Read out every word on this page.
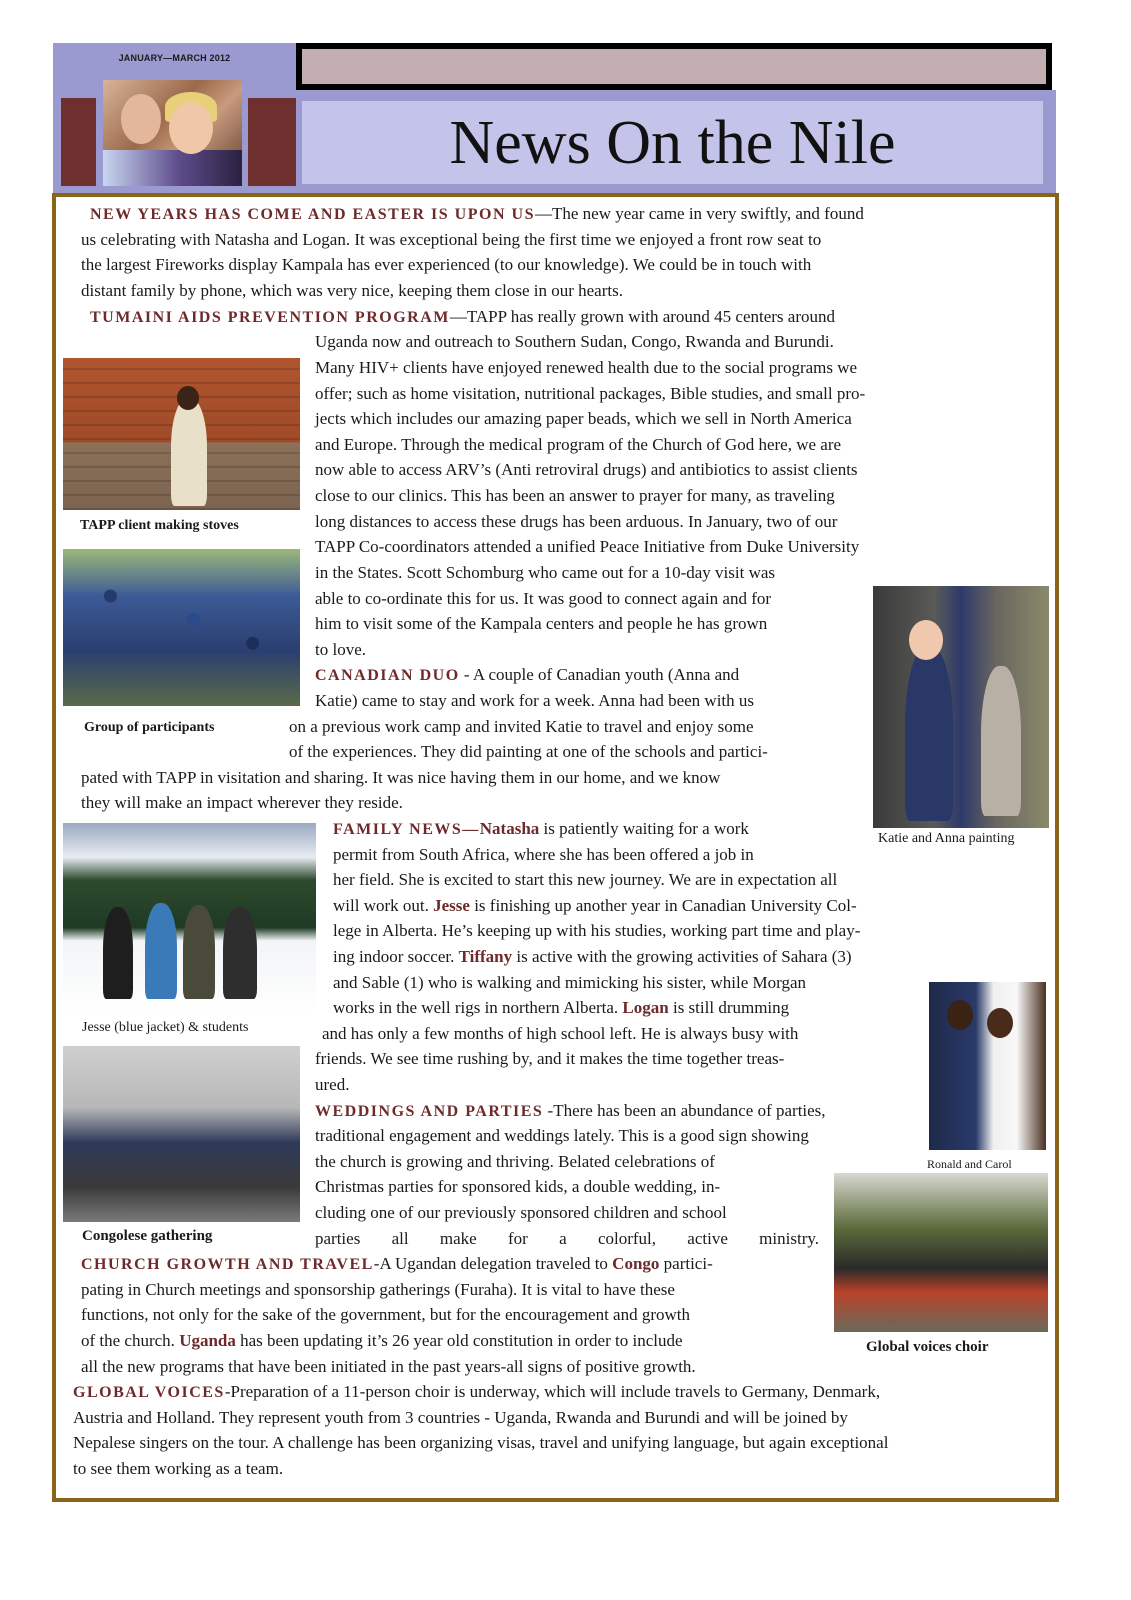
JANUARY—MARCH 2012
News On the Nile
NEW YEARS HAS COME AND EASTER IS UPON US—The new year came in very swiftly, and found
us celebrating with Natasha and Logan. It was exceptional being the first time we enjoyed a front row seat to
the largest Fireworks display Kampala has ever experienced (to our knowledge). We could be in touch with
distant family by phone, which was very nice, keeping them close in our hearts.
TUMAINI AIDS PREVENTION PROGRAM—TAPP has really grown with around 45 centers around
Uganda now and outreach to Southern Sudan, Congo, Rwanda and Burundi.
Many HIV+ clients have enjoyed renewed health due to the social programs we
offer; such as home visitation, nutritional packages, Bible studies, and small pro-
jects which includes our amazing paper beads, which we sell in North America
and Europe. Through the medical program of the Church of God here, we are
now able to access ARV’s (Anti retroviral drugs) and antibiotics to assist clients
close to our clinics. This has been an answer to prayer for many, as traveling
long distances to access these drugs has been arduous. In January, two of our
TAPP Co-coordinators attended a unified Peace Initiative from Duke University
in the States. Scott Schomburg who came out for a 10-day visit was
able to co-ordinate this for us. It was good to connect again and for
him to visit some of the Kampala centers and people he has grown
to love.
CANADIAN DUO - A couple of Canadian youth (Anna and
Katie) came to stay and work for a week. Anna had been with us
on a previous work camp and invited Katie to travel and enjoy some
of the experiences. They did painting at one of the schools and partici-
pated with TAPP in visitation and sharing. It was nice having them in our home, and we know
they will make an impact wherever they reside.
FAMILY NEWS—Natasha is patiently waiting for a work
permit from South Africa, where she has been offered a job in
her field. She is excited to start this new journey. We are in expectation all
will work out. Jesse is finishing up another year in Canadian University Col-
lege in Alberta. He’s keeping up with his studies, working part time and play-
ing indoor soccer. Tiffany is active with the growing activities of Sahara (3)
and Sable (1) who is walking and mimicking his sister, while Morgan
works in the well rigs in northern Alberta. Logan is still drumming
and has only a few months of high school left. He is always busy with
friends. We see time rushing by, and it makes the time together treas-
ured.
WEDDINGS AND PARTIES -There has been an abundance of parties,
traditional engagement and weddings lately. This is a good sign showing
the church is growing and thriving. Belated celebrations of
Christmas parties for sponsored kids, a double wedding, in-
cluding one of our previously sponsored children and school
parties all make for a colorful, active ministry.
CHURCH GROWTH AND TRAVEL-A Ugandan delegation traveled to Congo partici-
pating in Church meetings and sponsorship gatherings (Furaha). It is vital to have these
functions, not only for the sake of the government, but for the encouragement and growth
of the church. Uganda has been updating it’s 26 year old constitution in order to include
all the new programs that have been initiated in the past years-all signs of positive growth.
GLOBAL VOICES-Preparation of a 11-person choir is underway, which will include travels to Germany, Denmark,
Austria and Holland. They represent youth from 3 countries - Uganda, Rwanda and Burundi and will be joined by
Nepalese singers on the tour. A challenge has been organizing visas, travel and unifying language, but again exceptional
to see them working as a team.
TAPP client making stoves
Group of participants
Katie and Anna painting
Jesse (blue jacket) & students
Congolese gathering
Ronald and Carol
Global voices choir
